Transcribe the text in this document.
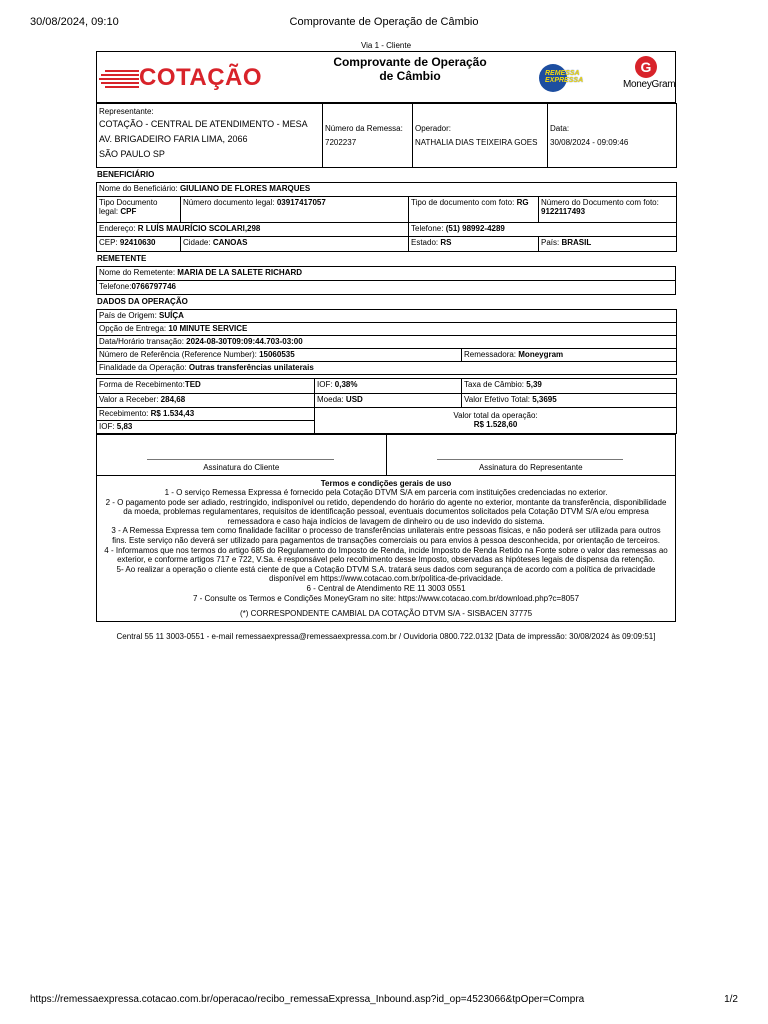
30/08/2024, 09:10	Comprovante de Operação de Câmbio
Via 1 - Cliente
COTAÇÃO
Comprovante de Operação de Câmbio	REMESSA
EXPRESSA
G
MoneyGram
Representante:
COTAÇÃO - CENTRAL DE ATENDIMENTO - MESA
AV. BRIGADEIRO FARIA LIMA, 2066
SÃO PAULO SP

Número da Remessa:
7202237

Operador:
NATHALIA DIAS TEIXEIRA GOES

Data:
30/08/2024 - 09:09:46
BENEFICIÁRIO
Nome do Beneficiário: GIULIANO DE FLORES MARQUES			
Tipo Documento legal: CPF	Número documento legal: 03917417057	Tipo de documento com foto: RG	Número do Documento com foto: 9122117493
Endereço: R LUÍS MAURÍCIO SCOLARI,298		Telefone: (51) 98992-4289	
CEP: 92410630	Cidade: CANOAS	Estado: RS	País: BRASIL
REMETENTE
Nome do Remetente: MARIA DE LA SALETE RICHARD
Telefone:0766797746
DADOS DA OPERAÇÃO
País de Origem: SUÍÇA		
Opção de Entrega: 10 MINUTE SERVICE		
Data/Horário transação: 2024-08-30T09:09:44.703-03:00		
Número de Referência (Reference Number): 15060535		Remessadora: Moneygram
Finalidade da Operação: Outras transferências unilaterais		

Forma de Recebimento:TED	IOF: 0,38%	Taxa de Câmbio: 5,39
Valor a Receber: 284,68	Moeda: USD	Valor Efetivo Total: 5,3695
Recebimento: R$ 1.534,43	Valor total da operação:
R$ 1.528,60	
IOF: 5,83		
Assinatura do Cliente	Assinatura do Representante
Termos e condições gerais de uso
1 - O serviço Remessa Expressa é fornecido pela Cotação DTVM S/A em parceria com instituições credenciadas no exterior.
2 - O pagamento pode ser adiado, restringido, indisponível ou retido, dependendo do horário do agente no exterior, montante da transferência, disponibilidade da moeda, problemas regulamentares, requisitos de identificação pessoal, eventuais documentos solicitados pela Cotação DTVM S/A e/ou empresa remessadora e caso haja indícios de lavagem de dinheiro ou de uso indevido do sistema.
3 - A Remessa Expressa tem como finalidade facilitar o processo de transferências unilaterais entre pessoas físicas, e não poderá ser utilizada para outros fins. Este serviço não deverá ser utilizado para pagamentos de transações comerciais ou para envios à pessoa desconhecida, por orientação de terceiros.
4 - Informamos que nos termos do artigo 685 do Regulamento do Imposto de Renda, incide Imposto de Renda Retido na Fonte sobre o valor das remessas ao exterior, e conforme artigos 717 e 722, V.Sa. é responsável pelo recolhimento desse Imposto, observadas as hipóteses legais de dispensa da retenção.
5- Ao realizar a operação o cliente está ciente de que a Cotação DTVM S.A. tratará seus dados com segurança de acordo com a política de privacidade disponível em https://www.cotacao.com.br/politica-de-privacidade.
6 - Central de Atendimento RE 11 3003 0551
7 - Consulte os Termos e Condições MoneyGram no site: https://www.cotacao.com.br/download.php?c=8057
(*) CORRESPONDENTE CAMBIAL DA COTAÇÃO DTVM S/A - SISBACEN 37775
Central 55 11 3003-0551 - e-mail remessaexpressa@remessaexpressa.com.br / Ouvidoria 0800.722.0132 [Data de impressão: 30/08/2024 às 09:09:51]
https://remessaexpressa.cotacao.com.br/operacao/recibo_remessaExpressa_Inbound.asp?id_op=4523066&tpOper=Compra	1/2
